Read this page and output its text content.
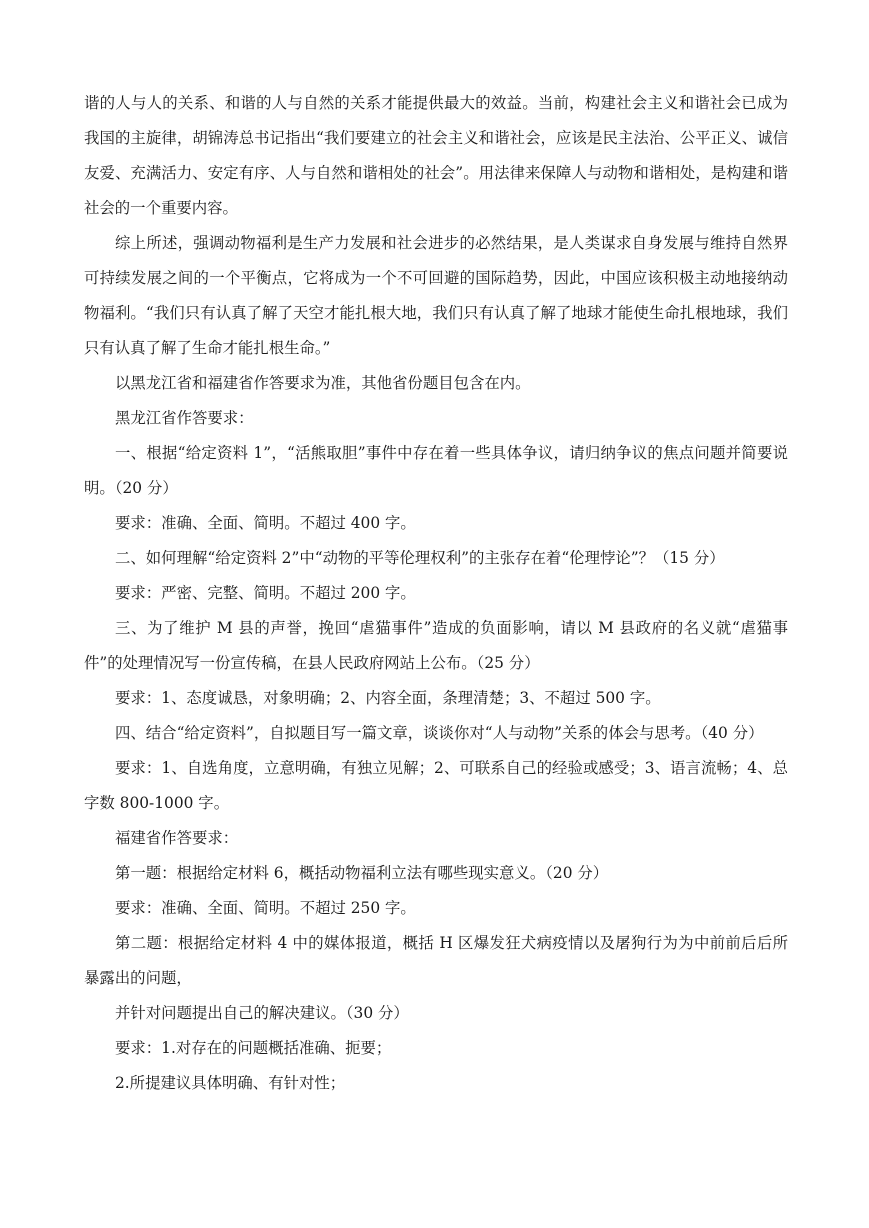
谐的人与人的关系、和谐的人与自然的关系才能提供最大的效益。当前，构建社会主义和谐社会已成为我国的主旋律，胡锦涛总书记指出“我们要建立的社会主义和谐社会，应该是民主法治、公平正义、诚信友爱、充满活力、安定有序、人与自然和谐相处的社会”。用法律来保障人与动物和谐相处，是构建和谐社会的一个重要内容。

综上所述，强调动物福利是生产力发展和社会进步的必然结果，是人类谋求自身发展与维持自然界可持续发展之间的一个平衡点，它将成为一个不可回避的国际趋势，因此，中国应该积极主动地接纳动物福利。“我们只有认真了解了天空才能扎根大地，我们只有认真了解了地球才能使生命扎根地球，我们只有认真了解了生命才能扎根生命。”

以黑龙江省和福建省作答要求为准，其他省份题目包含在内。

黑龙江省作答要求：

一、根据“给定资料 1”，“活熊取胆”事件中存在着一些具体争议，请归纳争议的焦点问题并简要说明。（20 分）

要求：准确、全面、简明。不超过 400 字。

二、如何理解“给定资料 2”中“动物的平等伦理权利”的主张存在着“伦理悖论”？（15 分）

要求：严密、完整、简明。不超过 200 字。

三、为了维护 M 县的声誉，挽回“虐猫事件”造成的负面影响，请以 M 县政府的名义就“虐猫事件”的处理情况写一份宣传稿，在县人民政府网站上公布。（25 分）

要求：1、态度诚恳，对象明确；2、内容全面，条理清楚；3、不超过 500 字。

四、结合“给定资料”，自拟题目写一篇文章，谈谈你对“人与动物”关系的体会与思考。（40 分）

要求：1、自选角度，立意明确，有独立见解；2、可联系自己的经验或感受；3、语言流畅；4、总字数 800-1000 字。

福建省作答要求：

第一题：根据给定材料 6，概括动物福利立法有哪些现实意义。（20 分）

要求：准确、全面、简明。不超过 250 字。

第二题：根据给定材料 4 中的媒体报道，概括 H 区爆发狂犬病疫情以及屠狗行为为中前前后后所暴露出的问题，

并针对问题提出自己的解决建议。（30 分）

要求：1.对存在的问题概括准确、扼要；

2.所提建议具体明确、有针对性；
